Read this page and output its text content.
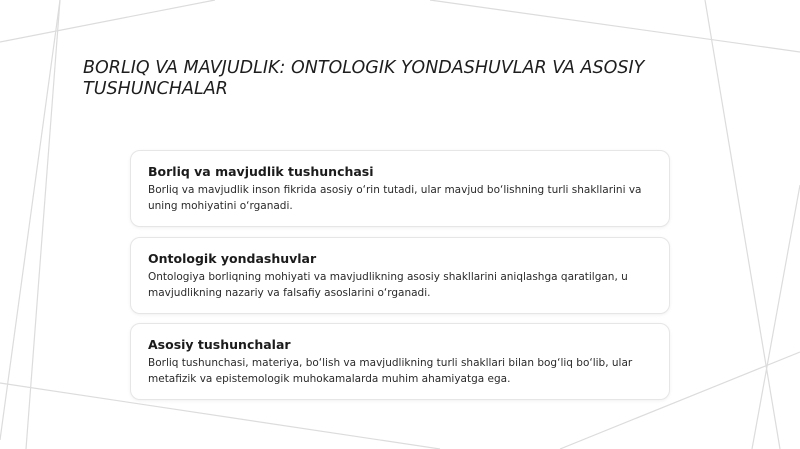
BORLIQ VA MAVJUDLIK: ONTOLOGIK YONDASHUVLAR VA ASOSIY TUSHUNCHALAR
Borliq va mavjudlik tushunchasi

Borliq va mavjudlik inson fikrida asosiy o‘rin tutadi, ular mavjud bo‘lishning turli shakllarini va uning mohiyatini o‘rganadi.

Ontologik yondashuvlar

Ontologiya borliqning mohiyati va mavjudlikning asosiy shakllarini aniqlashga qaratilgan, u mavjudlikning nazariy va falsafiy asoslarini o‘rganadi.

Asosiy tushunchalar

Borliq tushunchasi, materiya, bo‘lish va mavjudlikning turli shakllari bilan bog‘liq bo‘lib, ular metafizik va epistemologik muhokamalarda muhim ahamiyatga ega.
